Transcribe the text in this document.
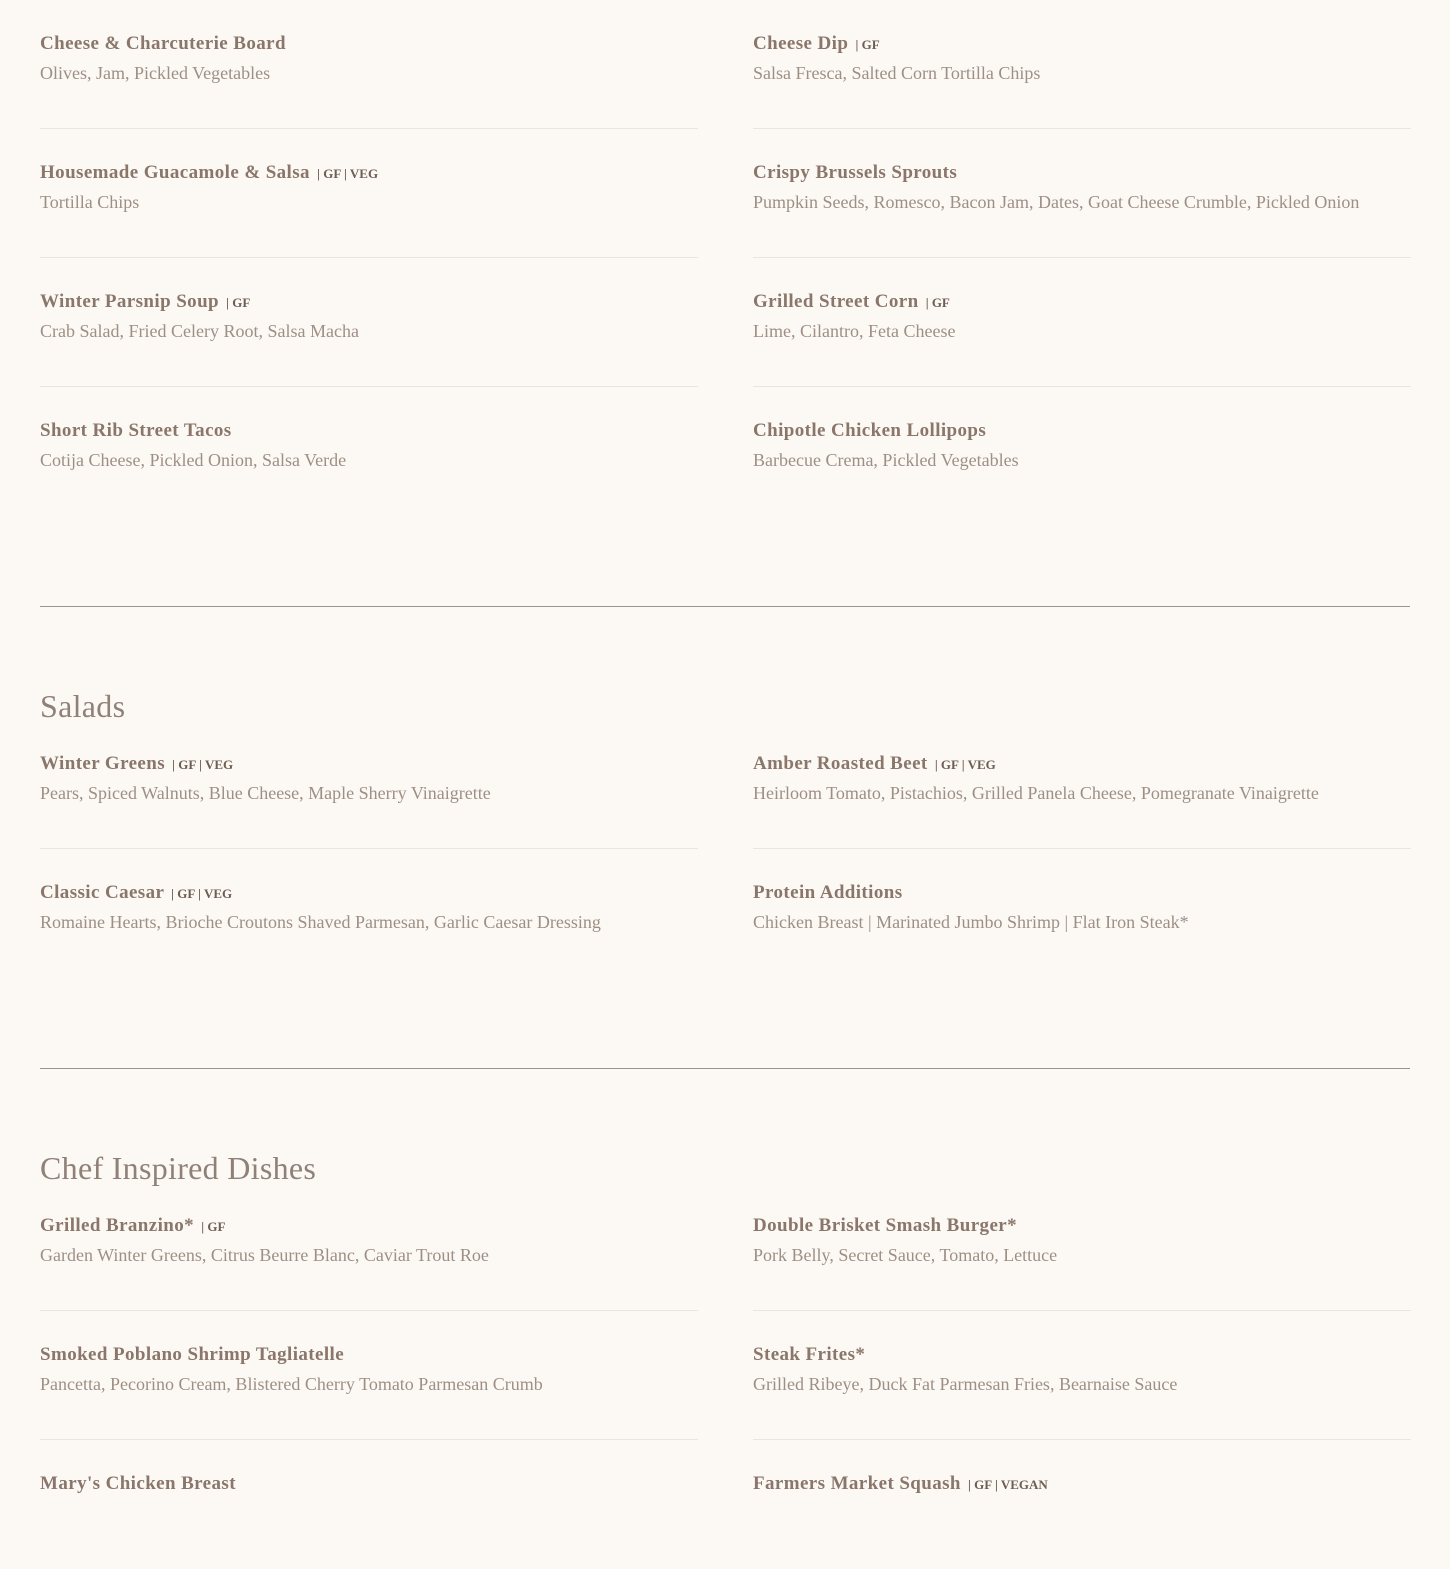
Cheese & Charcuterie Board
Olives, Jam, Pickled Vegetables
Cheese Dip | GF
Salsa Fresca, Salted Corn Tortilla Chips
Housemade Guacamole & Salsa | GF | VEG
Tortilla Chips
Crispy Brussels Sprouts
Pumpkin Seeds, Romesco, Bacon Jam, Dates, Goat Cheese Crumble, Pickled Onion
Winter Parsnip Soup | GF
Crab Salad, Fried Celery Root, Salsa Macha
Grilled Street Corn | GF
Lime, Cilantro, Feta Cheese
Short Rib Street Tacos
Cotija Cheese, Pickled Onion, Salsa Verde
Chipotle Chicken Lollipops
Barbecue Crema, Pickled Vegetables
Salads
Winter Greens | GF | VEG
Pears, Spiced Walnuts, Blue Cheese, Maple Sherry Vinaigrette
Amber Roasted Beet | GF | VEG
Heirloom Tomato, Pistachios, Grilled Panela Cheese, Pomegranate Vinaigrette
Classic Caesar | GF | VEG
Romaine Hearts, Brioche Croutons Shaved Parmesan, Garlic Caesar Dressing
Protein Additions
Chicken Breast | Marinated Jumbo Shrimp | Flat Iron Steak*
Chef Inspired Dishes
Grilled Branzino* | GF
Garden Winter Greens, Citrus Beurre Blanc, Caviar Trout Roe
Double Brisket Smash Burger*
Pork Belly, Secret Sauce, Tomato, Lettuce
Smoked Poblano Shrimp Tagliatelle
Pancetta, Pecorino Cream, Blistered Cherry Tomato Parmesan Crumb
Steak Frites*
Grilled Ribeye, Duck Fat Parmesan Fries, Bearnaise Sauce
Mary's Chicken Breast	Farmers Market Squash | GF | VEGAN
